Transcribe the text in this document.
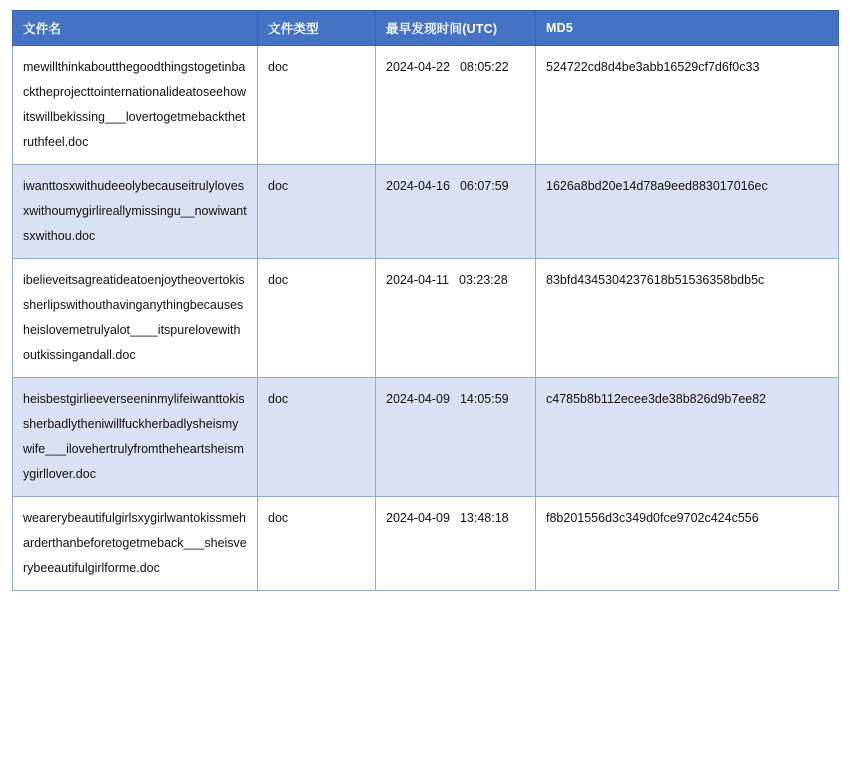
文件名	文件类型	最早发现时间(UTC)	MD5
mewillthinkaboutthegoodthingstogetinbacktheprojecttointernationalideatoseehowitswillbekissing___lovertogetmebackthetruthfeel.doc	doc	2024-04-22 08:05:22	524722cd8d4be3abb16529cf7d6f0c33
iwanttosxwithudeeolybecauseitrulylovesxwithoumygirlireallymissingu__nowiwantsxwithou.doc	doc	2024-04-16 06:07:59	1626a8bd20e14d78a9eed883017016ec
ibelieveitsagreatideatoenjoytheovertokissherlipswithouthavinganythingbecausesheislovemetrulyalot____itspurelovewithoutkissingandall.doc	doc	2024-04-11 03:23:28	83bfd4345304237618b51536358bdb5c
heisbestgirlieeverseeninmylifeiwanttokissherbadlytheniwillfuckherbadlysheismywife___ilovehertrulyfromtheheartsheismygirllover.doc	doc	2024-04-09 14:05:59	c4785b8b112ecee3de38b826d9b7ee82
wearerybeautifulgirlsxygirlwantokissmeharderthanbeforetogetmeback___sheisverybeeautifulgirlforme.doc	doc	2024-04-09 13:48:18	f8b201556d3c349d0fce9702c424c556
